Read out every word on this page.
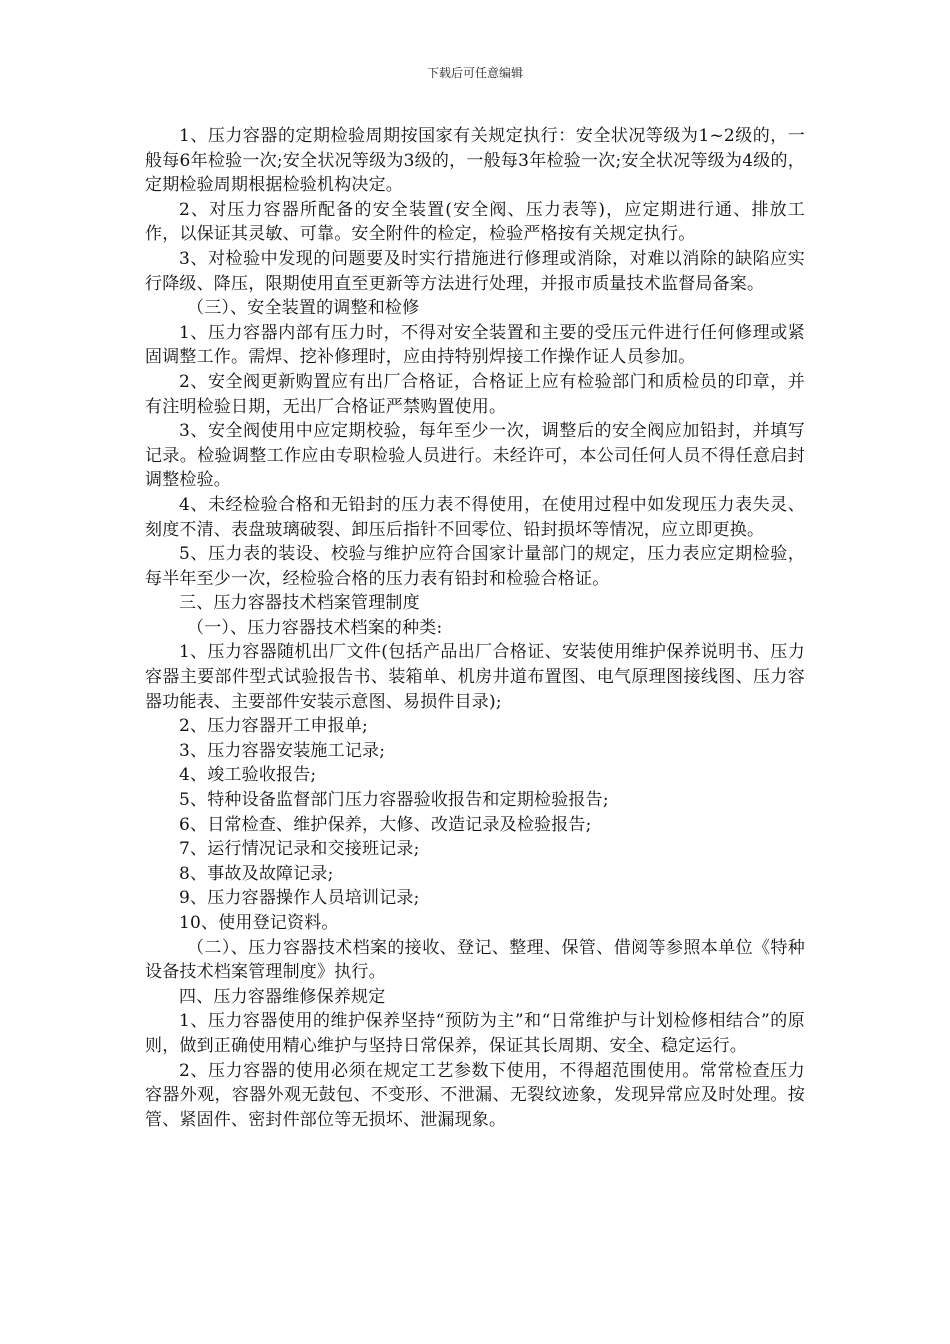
下载后可任意编辑

1、压力容器的定期检验周期按国家有关规定执行：安全状况等级为1~2级的，一般每6年检验一次;安全状况等级为3级的，一般每3年检验一次;安全状况等级为4级的，定期检验周期根据检验机构决定。

2、对压力容器所配备的安全装置(安全阀、压力表等)，应定期进行通、排放工作，以保证其灵敏、可靠。安全附件的检定，检验严格按有关规定执行。

3、对检验中发现的问题要及时实行措施进行修理或消除，对难以消除的缺陷应实行降级、降压，限期使用直至更新等方法进行处理，并报市质量技术监督局备案。

（三）、安全装置的调整和检修

1、压力容器内部有压力时，不得对安全装置和主要的受压元件进行任何修理或紧固调整工作。需焊、挖补修理时，应由持特别焊接工作操作证人员参加。

2、安全阀更新购置应有出厂合格证，合格证上应有检验部门和质检员的印章，并有注明检验日期，无出厂合格证严禁购置使用。

3、安全阀使用中应定期校验，每年至少一次，调整后的安全阀应加铅封，并填写记录。检验调整工作应由专职检验人员进行。未经许可，本公司任何人员不得任意启封调整检验。

4、未经检验合格和无铅封的压力表不得使用，在使用过程中如发现压力表失灵、刻度不清、表盘玻璃破裂、卸压后指针不回零位、铅封损坏等情况，应立即更换。

5、压力表的装设、校验与维护应符合国家计量部门的规定，压力表应定期检验，每半年至少一次，经检验合格的压力表有铅封和检验合格证。

三、压力容器技术档案管理制度

（一）、压力容器技术档案的种类:

1、压力容器随机出厂文件(包括产品出厂合格证、安装使用维护保养说明书、压力容器主要部件型式试验报告书、装箱单、机房井道布置图、电气原理图接线图、压力容器功能表、主要部件安装示意图、易损件目录);

2、压力容器开工申报单;

3、压力容器安装施工记录;

4、竣工验收报告;

5、特种设备监督部门压力容器验收报告和定期检验报告;

6、日常检查、维护保养，大修、改造记录及检验报告;

7、运行情况记录和交接班记录;

8、事故及故障记录;

9、压力容器操作人员培训记录;

10、使用登记资料。

（二）、压力容器技术档案的接收、登记、整理、保管、借阅等参照本单位《特种设备技术档案管理制度》执行。

四、压力容器维修保养规定

1、压力容器使用的维护保养坚持“预防为主”和“日常维护与计划检修相结合”的原则，做到正确使用精心维护与坚持日常保养，保证其长周期、安全、稳定运行。

2、压力容器的使用必须在规定工艺参数下使用，不得超范围使用。常常检查压力容器外观，容器外观无鼓包、不变形、不泄漏、无裂纹迹象，发现异常应及时处理。按管、紧固件、密封件部位等无损坏、泄漏现象。
